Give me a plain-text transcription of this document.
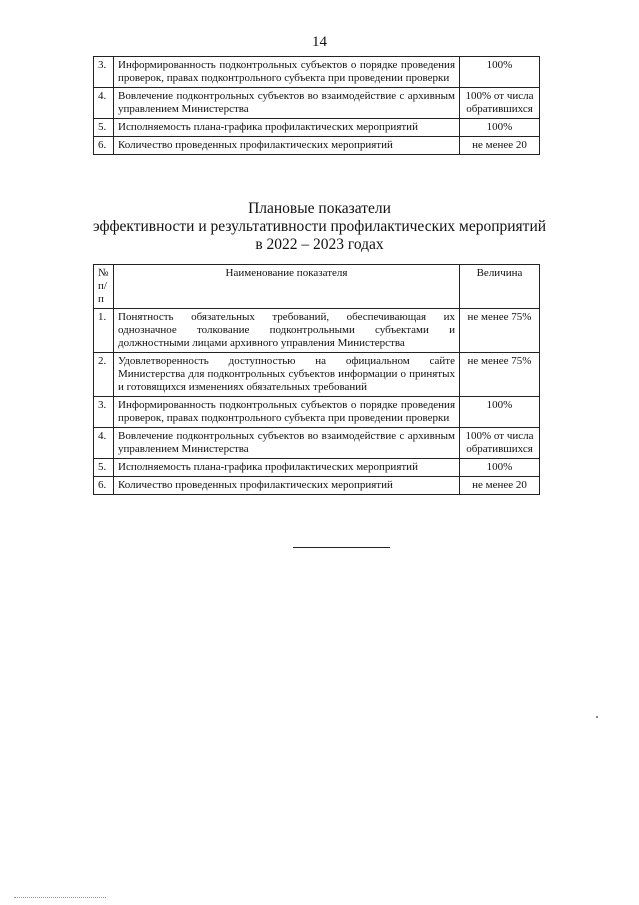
14
3.	Информированность подконтрольных субъектов о порядке проведения проверок, правах подконтрольного субъекта при проведении проверки	100%
4.	Вовлечение подконтрольных субъектов во взаимодействие с архивным управлением Министерства	100% от числа обратившихся
5.	Исполняемость плана-графика профилактических мероприятий	100%
6.	Количество проведенных профилактических мероприятий	не менее 20
Плановые показатели
эффективности и результативности профилактических мероприятий
в 2022 – 2023 годах
№ п/п	Наименование показателя	Величина
1.	Понятность обязательных требований, обеспечивающая их однозначное толкование подконтрольными субъектами и должностными лицами архивного управления Министерства	не менее 75%
2.	Удовлетворенность доступностью на официальном сайте Министерства для подконтрольных субъектов информации о принятых и готовящихся изменениях обязательных требований	не менее 75%
3.	Информированность подконтрольных субъектов о порядке проведения проверок, правах подконтрольного субъекта при проведении проверки	100%
4.	Вовлечение подконтрольных субъектов во взаимодействие с архивным управлением Министерства	100% от числа обратившихся
5.	Исполняемость плана-графика профилактических мероприятий	100%
6.	Количество проведенных профилактических мероприятий	не менее 20
